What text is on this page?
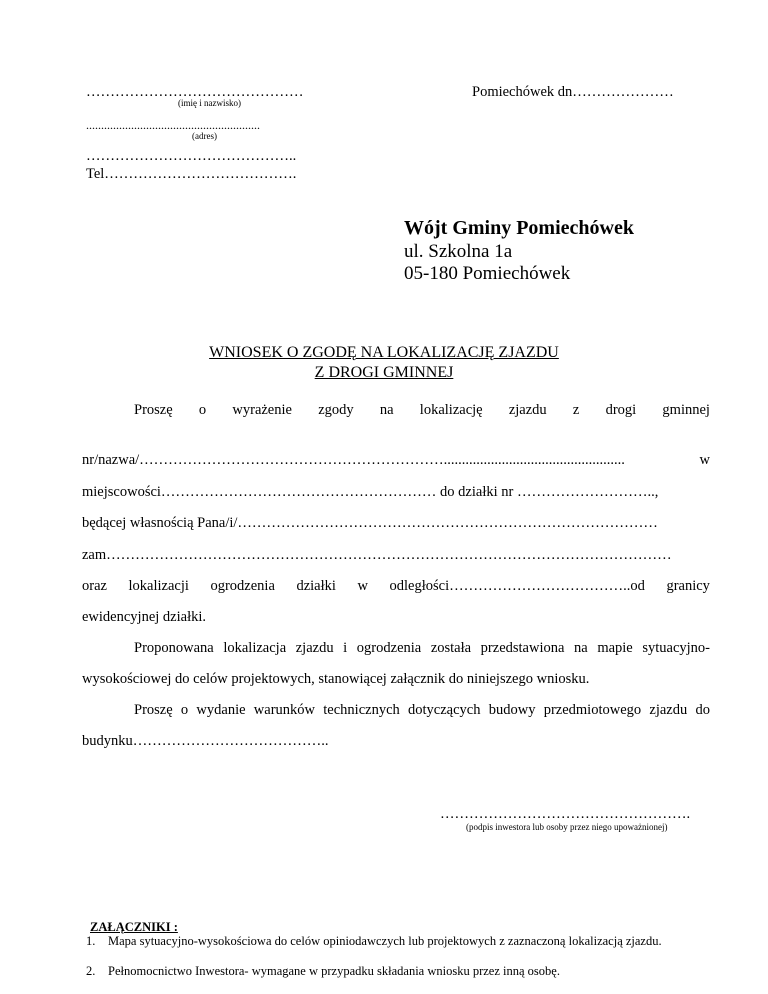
………………………………………
(imię i nazwisko)
..........................................................
(adres)
……………………………………..
Tel………………………………….
Pomiechówek dn…………………
Wójt Gminy Pomiechówek
ul. Szkolna 1a
05-180 Pomiechówek
WNIOSEK O ZGODĘ NA LOKALIZACJĘ ZJAZDU
Z DROGI GMINNEJ
Proszę o wyrażenie zgody na lokalizację zjazdu z drogi gminnej
nr/nazwa/………………………………………………………..................................................	w
miejscowości………………………………………………… do działki nr ………………………..,
będącej własnością Pana/i/……………………………………………………………………………
zam………………………………………………………………………………………………………
oraz lokalizacji ogrodzenia działki w odległości………………………………..od granicy
ewidencyjnej działki.
Proponowana lokalizacja zjazdu i ogrodzenia została przedstawiona na mapie sytuacyjno-wysokościowej do celów projektowych, stanowiącej załącznik do niniejszego wniosku.
Proszę o wydanie warunków technicznych dotyczących budowy przedmiotowego zjazdu do budynku…………………………………..
…………………………………………….
(podpis inwestora lub osoby przez niego upoważnionej)
ZAŁĄCZNIKI :
1. Mapa sytuacyjno-wysokościowa do celów opiniodawczych lub projektowych z zaznaczoną lokalizacją zjazdu.
2. Pełnomocnictwo Inwestora- wymagane w przypadku składania wniosku przez inną osobę.
